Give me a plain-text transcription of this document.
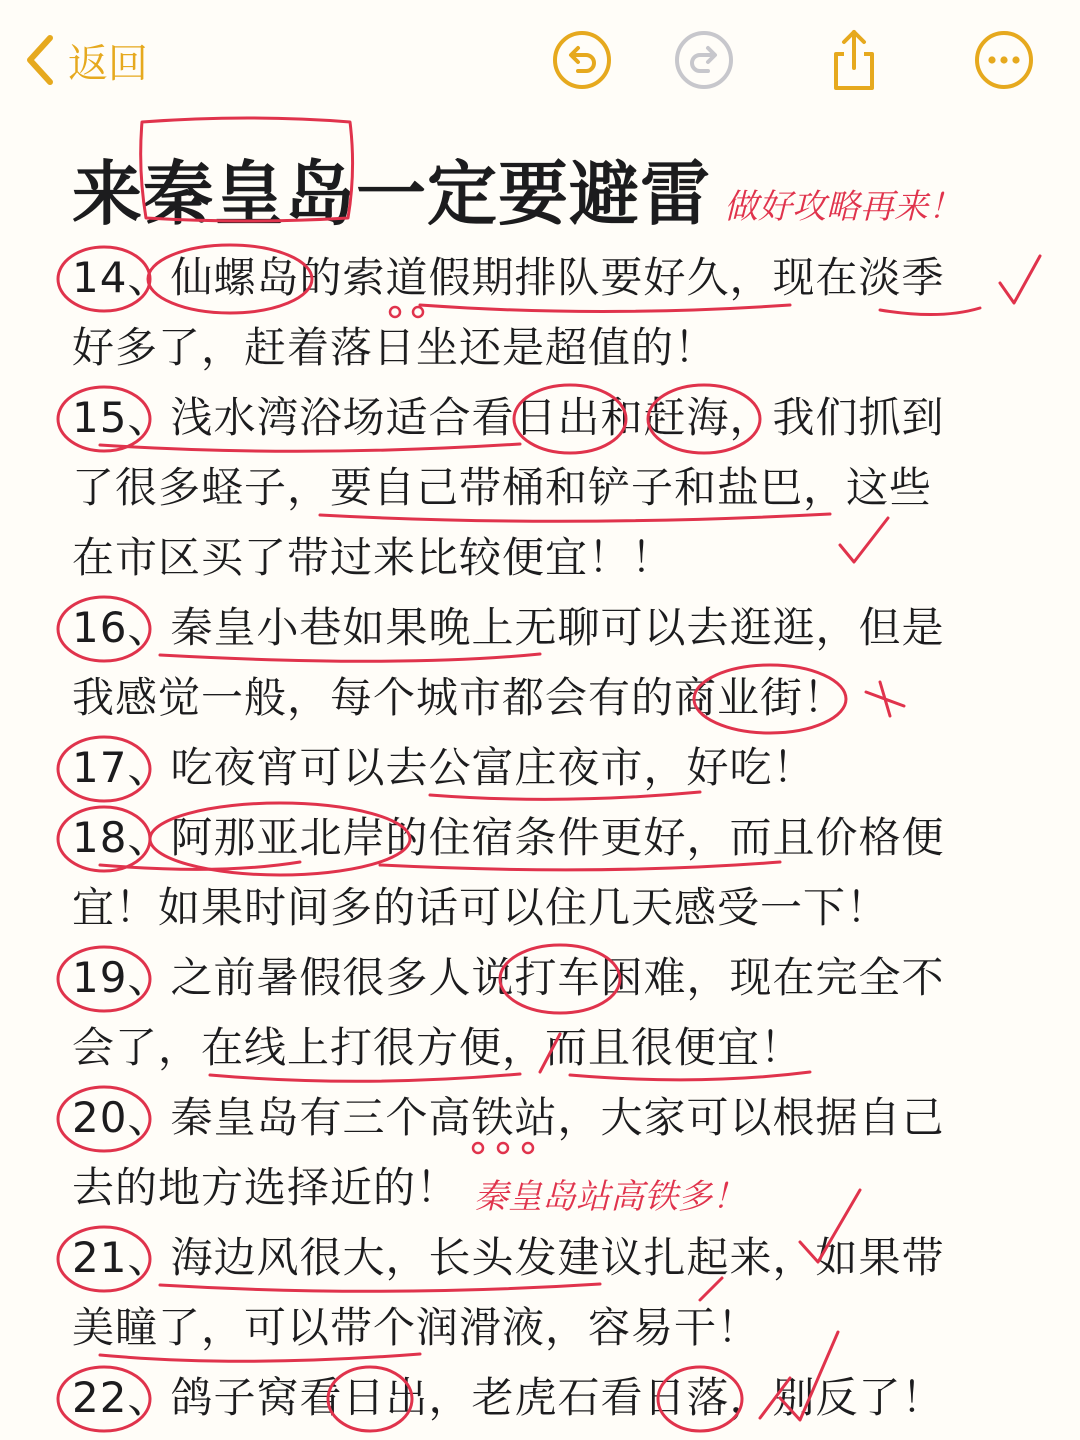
返回
来秦皇岛一定要避雷
14、仙螺岛的索道假期排队要好久，现在淡季
好多了，赶着落日坐还是超值的！
15、浅水湾浴场适合看日出和赶海，我们抓到
了很多蛏子，要自己带桶和铲子和盐巴，这些
在市区买了带过来比较便宜！！
16、秦皇小巷如果晚上无聊可以去逛逛，但是
我感觉一般，每个城市都会有的商业街！
17、吃夜宵可以去公富庄夜市，好吃！
18、阿那亚北岸的住宿条件更好，而且价格便
宜！如果时间多的话可以住几天感受一下！
19、之前暑假很多人说打车困难，现在完全不
会了，在线上打很方便，而且很便宜！
20、秦皇岛有三个高铁站，大家可以根据自己
去的地方选择近的！
21、海边风很大，长头发建议扎起来，如果带
美瞳了，可以带个润滑液，容易干！
22、鸽子窝看日出，老虎石看日落，别反了！
做好攻略再来！
秦皇岛站高铁多！
